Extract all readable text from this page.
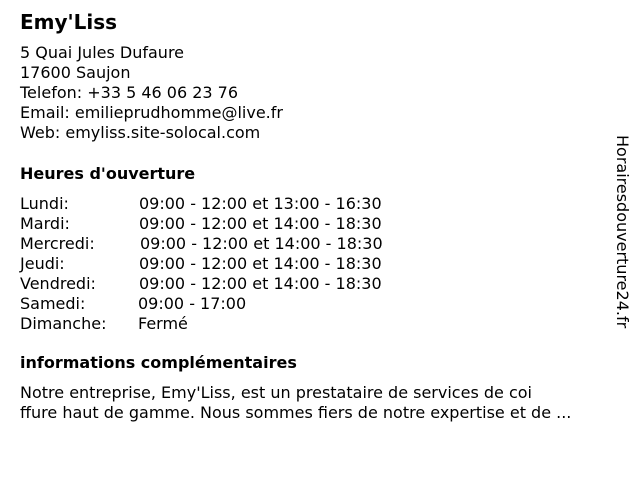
Emy'Liss
5 Quai Jules Dufaure
17600 Saujon
Telefon: +33 5 46 06 23 76
Email: emilieprudhomme@live.fr
Web: emyliss.site-solocal.com
Heures d'ouverture
Lundi:	09:00 - 12:00 et 13:00 - 16:30
Mardi:	09:00 - 12:00 et 14:00 - 18:30
Mercredi:	09:00 - 12:00 et 14:00 - 18:30
Jeudi:	09:00 - 12:00 et 14:00 - 18:30
Vendredi:	09:00 - 12:00 et 14:00 - 18:30
Samedi:	09:00 - 17:00
Dimanche: Fermé
informations complémentaires
Notre entreprise, Emy'Liss, est un prestataire de services de coi
ffure haut de gamme. Nous sommes fiers de notre expertise et de ...
Horairesdouverture24.fr
